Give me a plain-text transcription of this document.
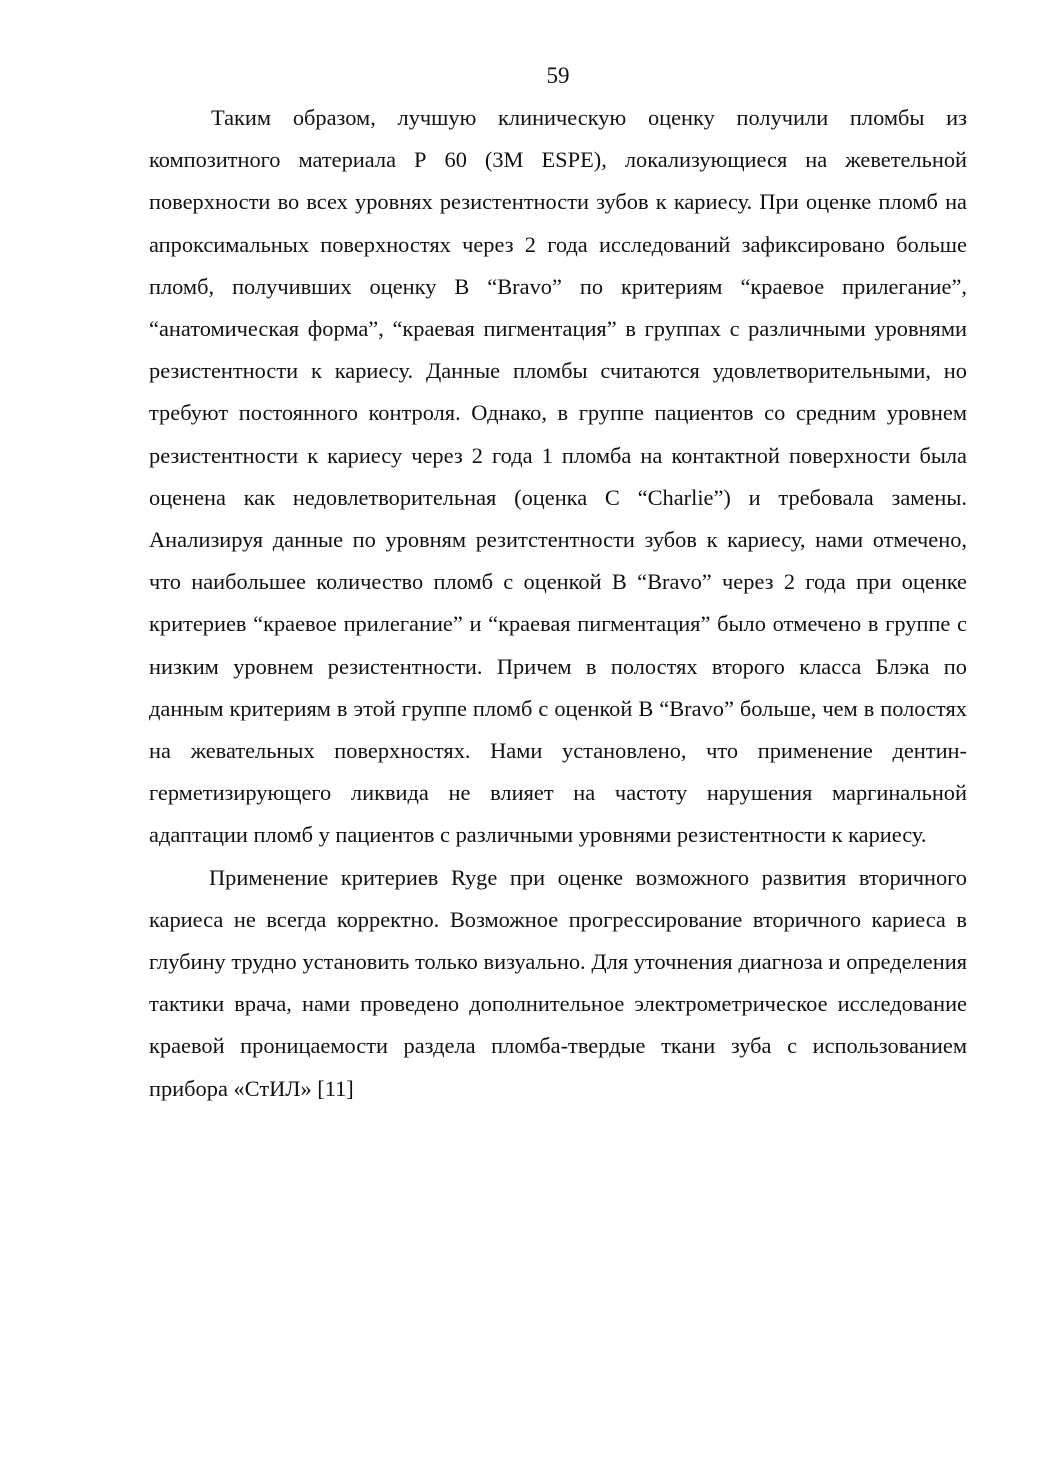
59

Таким образом, лучшую клиническую оценку получили пломбы из композитного материала Р 60 (3М ESPE), локализующиеся на жеветельной поверхности во всех уровнях резистентности зубов к кариесу. При оценке пломб на апроксимальных поверхностях через 2 года исследований зафиксировано больше пломб, получивших оценку В “Bravo” по критериям “краевое прилегание”, “анатомическая форма”, “краевая пигментация” в группах с различными уровнями резистентности к кариесу. Данные пломбы считаются удовлетворительными, но требуют постоянного контроля. Однако, в группе пациентов со средним уровнем резистентности к кариесу через 2 года 1 пломба на контактной поверхности была оценена как недовлетворительная (оценка С “Charlie”) и требовала замены. Анализируя данные по уровням резитстентности зубов к кариесу, нами отмечено, что наибольшее количество пломб с оценкой В “Bravo” через 2 года при оценке критериев “краевое прилегание” и “краевая пигментация” было отмечено в группе с низким уровнем резистентности. Причем в полостях второго класса Блэка по данным критериям в этой группе пломб с оценкой В “Bravo” больше, чем в полостях на жевательных поверхностях. Нами установлено, что применение дентин-герметизирующего ликвида не влияет на частоту нарушения маргинальной адаптации пломб у пациентов с различными уровнями резистентности к кариесу.

Применение критериев Ryge при оценке возможного развития вторичного кариеса не всегда корректно. Возможное прогрессирование вторичного кариеса в глубину трудно установить только визуально. Для уточнения диагноза и определения тактики врача, нами проведено дополнительное электрометрическое исследование краевой проницаемости раздела пломба-твердые ткани зуба с использованием прибора «СтИЛ» [11]
